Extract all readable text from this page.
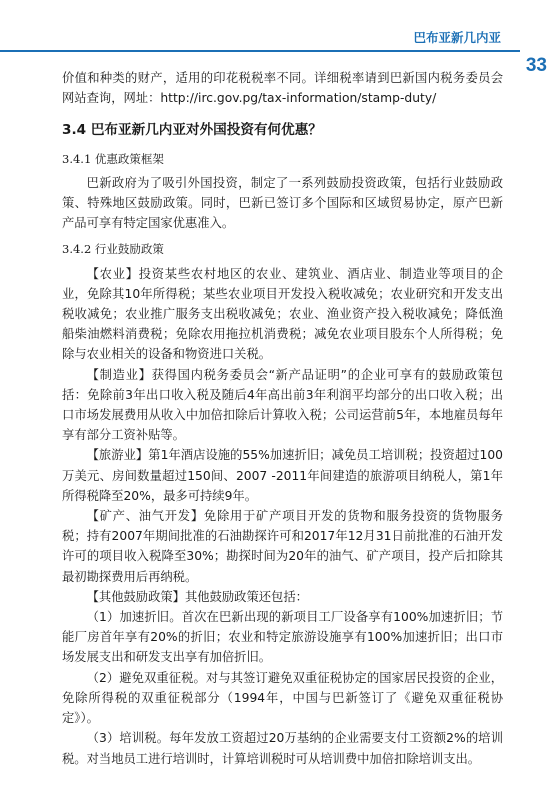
巴布亚新几内亚
33

价值和种类的财产，适用的印花税税率不同。详细税率请到巴新国内税务委员会网站查询，网址：http://irc.gov.pg/tax-information/stamp-duty/

3.4 巴布亚新几内亚对外国投资有何优惠？
3.4.1 优惠政策框架

巴新政府为了吸引外国投资，制定了一系列鼓励投资政策，包括行业鼓励政策、特殊地区鼓励政策。同时，巴新已签订多个国际和区域贸易协定，原产巴新产品可享有特定国家优惠准入。

3.4.2 行业鼓励政策

【农业】投资某些农村地区的农业、建筑业、酒店业、制造业等项目的企业，免除其10年所得税；某些农业项目开发投入税收减免；农业研究和开发支出税收减免；农业推广服务支出税收减免；农业、渔业资产投入税收减免；降低渔船柴油燃料消费税；免除农用拖拉机消费税；减免农业项目股东个人所得税；免除与农业相关的设备和物资进口关税。

【制造业】获得国内税务委员会“新产品证明”的企业可享有的鼓励政策包括：免除前3年出口收入税及随后4年高出前3年利润平均部分的出口收入税；出口市场发展费用从收入中加倍扣除后计算收入税；公司运营前5年，本地雇员每年享有部分工资补贴等。

【旅游业】第1年酒店设施的55%加速折旧；减免员工培训税；投资超过100万美元、房间数量超过150间、2007 -2011年间建造的旅游项目纳税人，第1年所得税降至20%，最多可持续9年。

【矿产、油气开发】免除用于矿产项目开发的货物和服务投资的货物服务税；持有2007年期间批准的石油勘探许可和2017年12月31日前批准的石油开发许可的项目收入税降至30%；勘探时间为20年的油气、矿产项目，投产后扣除其最初勘探费用后再纳税。

【其他鼓励政策】其他鼓励政策还包括：

（1）加速折旧。首次在巴新出现的新项目工厂设备享有100%加速折旧；节能厂房首年享有20%的折旧；农业和特定旅游设施享有100%加速折旧；出口市场发展支出和研发支出享有加倍折旧。

（2）避免双重征税。对与其签订避免双重征税协定的国家居民投资的企业，免除所得税的双重征税部分（1994年，中国与巴新签订了《避免双重征税协定》）。

（3）培训税。每年发放工资超过20万基纳的企业需要支付工资额2%的培训税。对当地员工进行培训时，计算培训税时可从培训费中加倍扣除培训支出。
